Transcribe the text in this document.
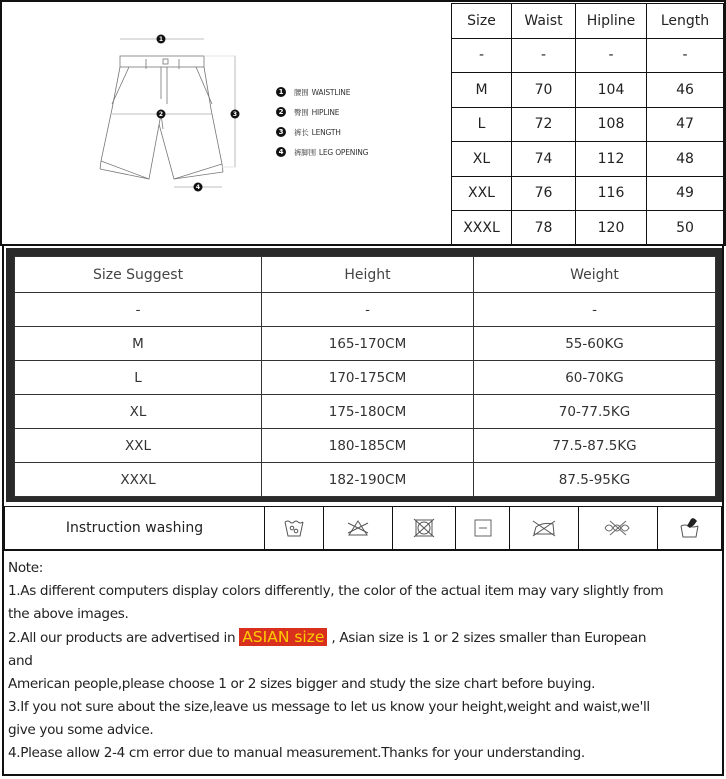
1
2	3
4
1	腰围 WAISTLINE
2	臀围 HIPLINE
3	裤长 LENGTH
4	裤脚围 LEG OPENING
Size	Waist	Hipline	Length
-	-	-	-
M	70	104	46
L	72	108	47
XL	74	112	48
XXL	76	116	49
XXXL	78	120	50
Size Suggest	Height	Weight
-	-	-
M	165-170CM	55-60KG
L	170-175CM	60-70KG
XL	175-180CM	70-77.5KG
XXL	180-185CM	77.5-87.5KG
XXXL	182-190CM	87.5-95KG
Instruction washing	

Note:
1.As different computers display colors differently, the color of the actual item may vary slightly from
the above images.
2.All our products are advertised in ASIAN size , Asian size is 1 or 2 sizes smaller than European
and
American people,please choose 1 or 2 sizes bigger and study the size chart before buying.
3.If you not sure about the size,leave us message to let us know your height,weight and waist,we'll
give you some advice.
4.Please allow 2-4 cm error due to manual measurement.Thanks for your understanding.
